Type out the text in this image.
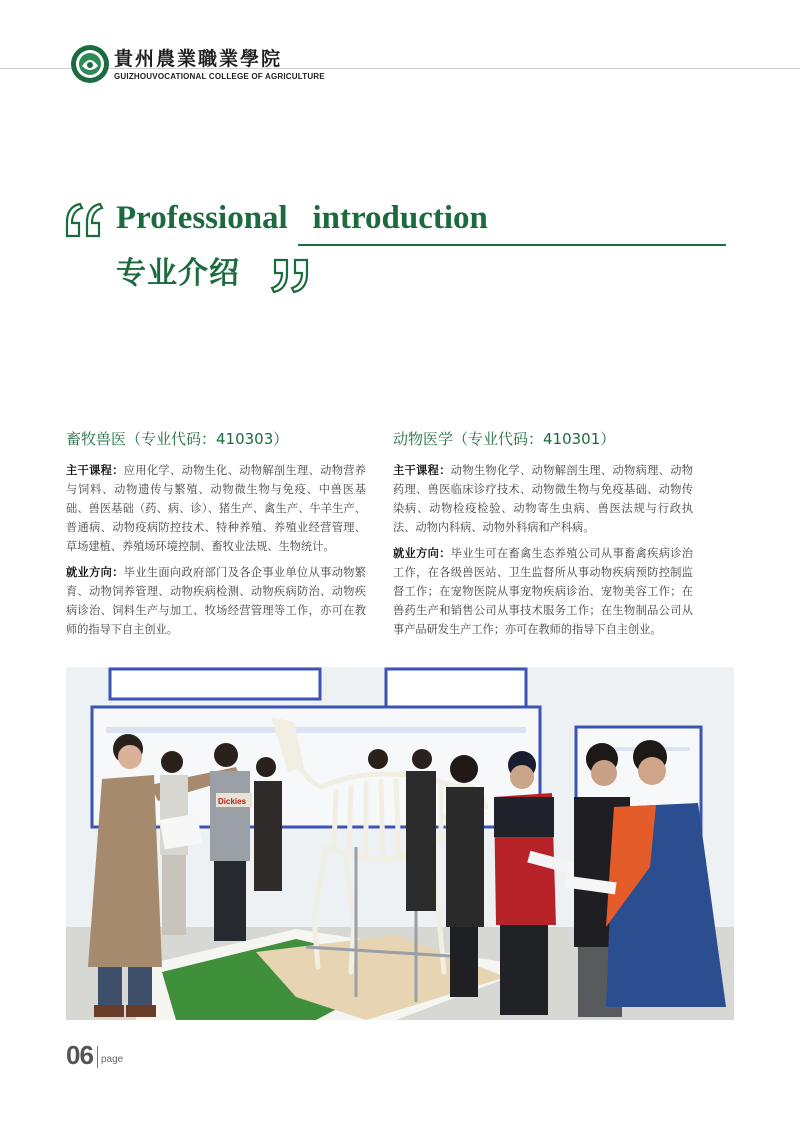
貴州農業職業學院
GUIZHOUVOCATIONAL COLLEGE OF AGRICULTURE
Professional   introduction
专业介绍
畜牧兽医（专业代码：410303）

主干课程：应用化学、动物生化、动物解剖生理、动物营养与饲料、动物遗传与繁殖、动物微生物与免疫、中兽医基础、兽医基础（药、病、诊）、猪生产、禽生产、牛羊生产、普通病、动物疫病防控技术、特种养殖、养殖业经营管理、草场建植、养殖场环境控制、畜牧业法规、生物统计。

就业方向：毕业生面向政府部门及各企事业单位从事动物繁育、动物饲养管理、动物疾病检测、动物疾病防治、动物疾病诊治、饲料生产与加工、牧场经营管理等工作，亦可在教师的指导下自主创业。

动物医学（专业代码：410301）

主干课程：动物生物化学、动物解剖生理、动物病理、动物药理、兽医临床诊疗技术、动物微生物与免疫基础、动物传染病、动物检疫检验、动物寄生虫病、兽医法规与行政执法、动物内科病、动物外科病和产科病。

就业方向：毕业生可在畜禽生态养殖公司从事畜禽疾病诊治工作，在各级兽医站、卫生监督所从事动物疾病预防控制监督工作；在宠物医院从事宠物疾病诊治、宠物美容工作；在兽药生产和销售公司从事技术服务工作；在生物制品公司从事产品研发生产工作；亦可在教师的指导下自主创业。

Dickies
06 page
